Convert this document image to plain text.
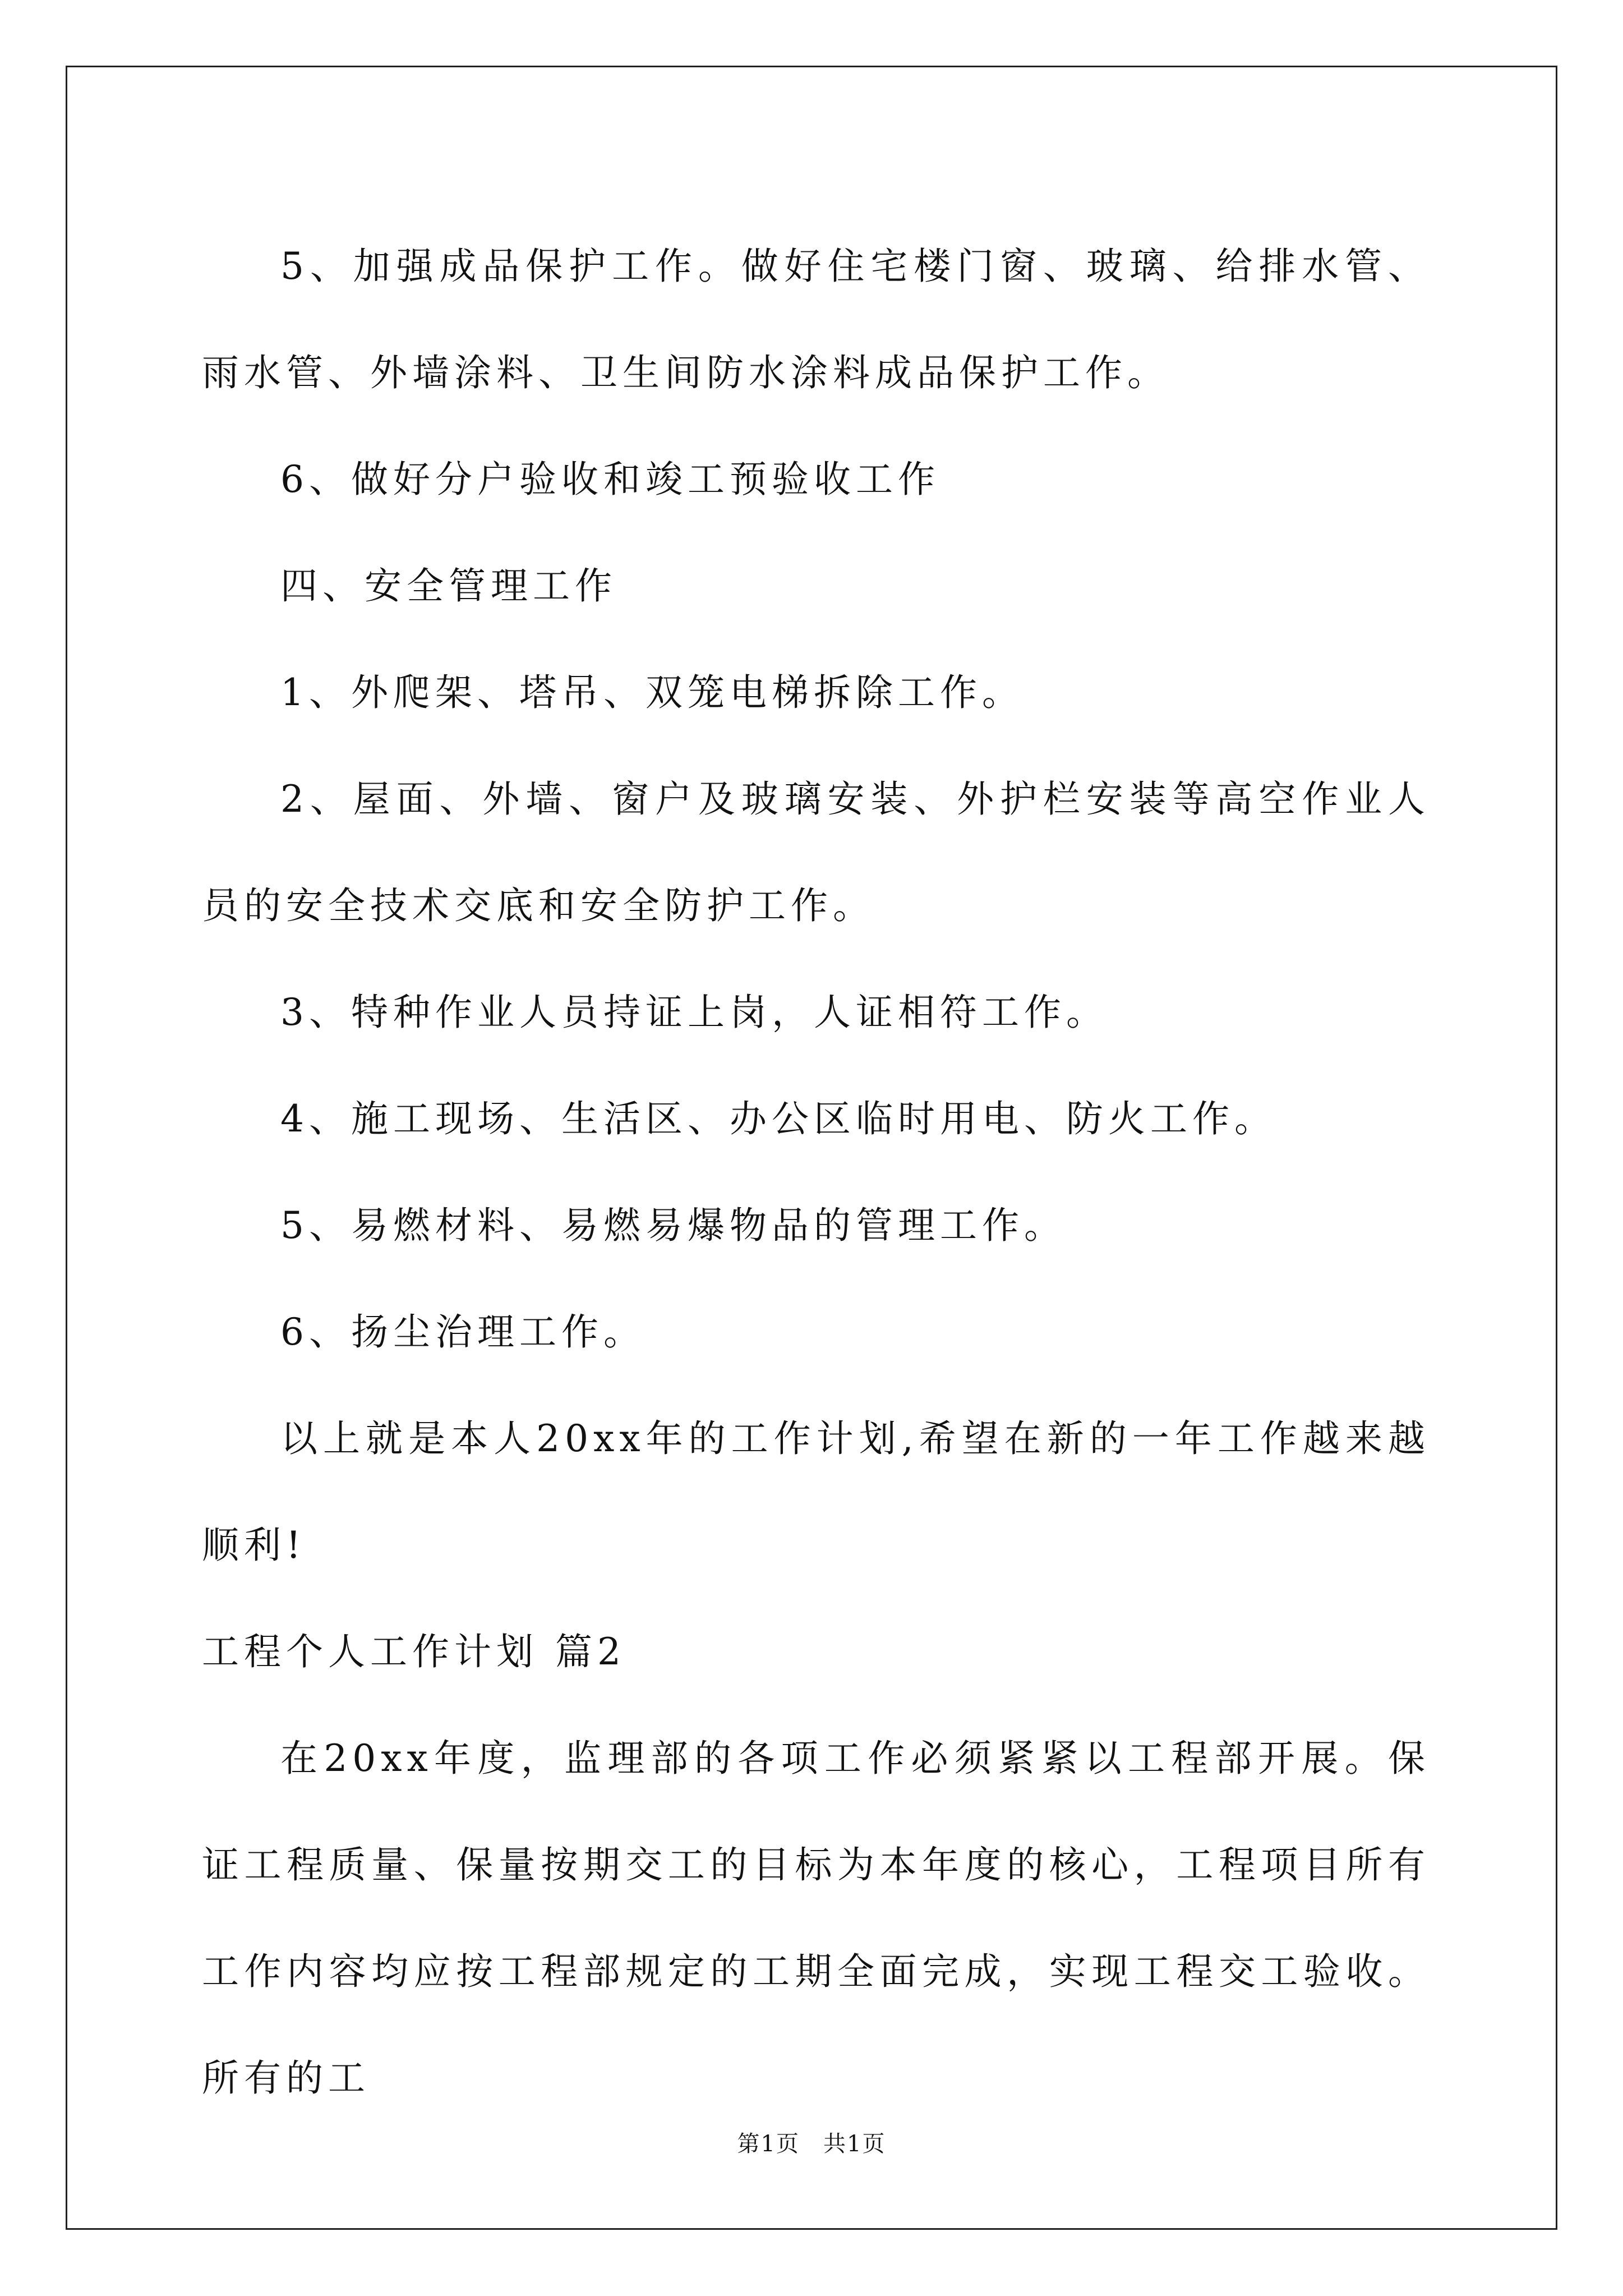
5、加强成品保护工作。做好住宅楼门窗、玻璃、给排水管、雨水管、外墙涂料、卫生间防水涂料成品保护工作。

6、做好分户验收和竣工预验收工作

四、安全管理工作

1、外爬架、塔吊、双笼电梯拆除工作。

2、屋面、外墙、窗户及玻璃安装、外护栏安装等高空作业人员的安全技术交底和安全防护工作。

3、特种作业人员持证上岗，人证相符工作。

4、施工现场、生活区、办公区临时用电、防火工作。

5、易燃材料、易燃易爆物品的管理工作。

6、扬尘治理工作。

以上就是本人20xx年的工作计划,希望在新的一年工作越来越顺利!

工程个人工作计划 篇2

在20xx年度，监理部的各项工作必须紧紧以工程部开展。保证工程质量、保量按期交工的目标为本年度的核心，工程项目所有工作内容均应按工程部规定的工期全面完成，实现工程交工验收。所有的工

第1页　共1页
